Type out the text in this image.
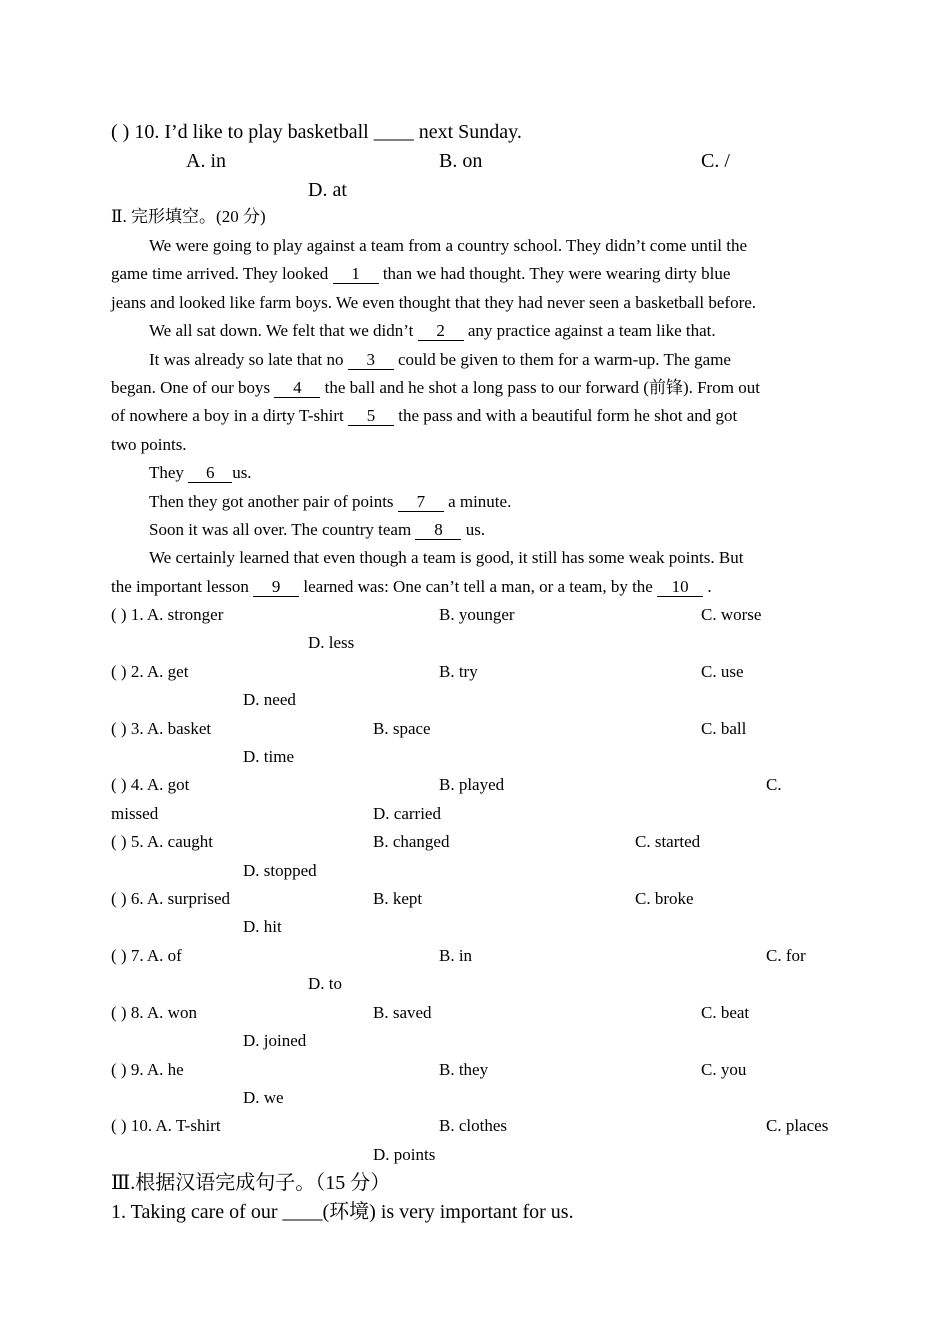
( ) 10. I’d like to play basketball ____ next Sunday.
A. in	B. on	C. /
D. at
Ⅱ. 完形填空。(20 分)
We were going to play against a team from a country school. They didn’t come until the
game time arrived. They looked 1 than we had thought. They were wearing dirty blue
jeans and looked like farm boys. We even thought that they had never seen a basketball before.
We all sat down. We felt that we didn’t 2 any practice against a team like that.
It was already so late that no 3 could be given to them for a warm-up. The game
began. One of our boys 4 the ball and he shot a long pass to our forward (前锋). From out
of nowhere a boy in a dirty T-shirt 5 the pass and with a beautiful form he shot and got
two points.
They 6 us.
Then they got another pair of points 7 a minute.
Soon it was all over. The country team 8 us.
We certainly learned that even though a team is good, it still has some weak points. But
the important lesson 9 learned was: One can’t tell a man, or a team, by the 10 .
( ) 1. A. stronger	B. younger	C. worse
D. less
( ) 2. A. get	B. try	C. use
D. need
( ) 3. A. basket	B. space	C. ball
D. time
( ) 4. A. got	B. played	C.
missed	D. carried
( ) 5. A. caught	B. changed	C. started
D. stopped
( ) 6. A. surprised	B. kept	C. broke
D. hit
( ) 7. A. of	B. in	C. for
D. to
( ) 8. A. won	B. saved	C. beat
D. joined
( ) 9. A. he	B. they	C. you
D. we
( ) 10. A. T-shirt	B. clothes	C. places
D. points
Ⅲ.根据汉语完成句子。（15 分）
1. Taking care of our ____(环境) is very important for us.
